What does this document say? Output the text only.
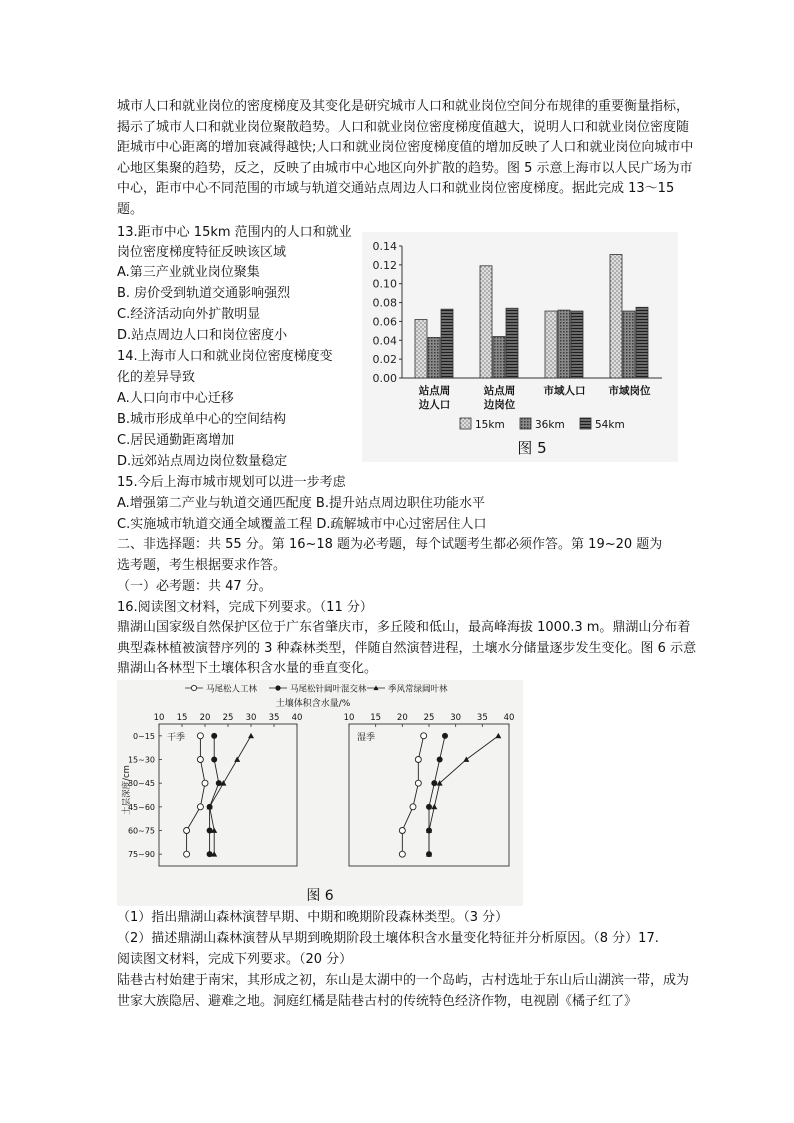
城市人口和就业岗位的密度梯度及其变化是研究城市人口和就业岗位空间分布规律的重要衡量指标，揭示了城市人口和就业岗位聚散趋势。人口和就业岗位密度梯度值越大，说明人口和就业岗位密度随距城市中心距离的增加衰减得越快;人口和就业岗位密度梯度值的增加反映了人口和就业岗位向城市中心地区集聚的趋势，反之，反映了由城市中心地区向外扩散的趋势。图 5 示意上海市以人民广场为市中心，距市中心不同范围的市域与轨道交通站点周边人口和就业岗位密度梯度。据此完成 13～15 题。

13.距市中心 15km 范围内的人口和就业
岗位密度梯度特征反映该区域
A.第三产业就业岗位聚集
B. 房价受到轨道交通影响强烈
C.经济活动向外扩散明显
D.站点周边人口和岗位密度小
14.上海市人口和就业岗位密度梯度变
化的差异导致
A.人口向市中心迁移
B.城市形成单中心的空间结构
C.居民通勤距离增加
D.远郊站点周边岗位数量稳定
15.今后上海市城市规划可以进一步考虑
A.增强第二产业与轨道交通匹配度 B.提升站点周边职住功能水平
C.实施城市轨道交通全域覆盖工程 D.疏解城市中心过密居住人口
二、非选择题：共 55 分。第 16~18 题为必考题，每个试题考生都必须作答。第 19~20 题为
选考题，考生根据要求作答。
（一）必考题：共 47 分。
16.阅读图文材料，完成下列要求。（11 分）

鼎湖山国家级自然保护区位于广东省肇庆市，多丘陵和低山，最高峰海拔 1000.3 m。鼎湖山分布着典型森林植被演替序列的 3 种森林类型，伴随自然演替进程，土壤水分储量逐步发生变化。图 6 示意鼎湖山各林型下土壤体积含水量的垂直变化。

（1）指出鼎湖山森林演替早期、中期和晚期阶段森林类型。（3 分）
（2）描述鼎湖山森林演替从早期到晚期阶段土壤体积含水量变化特征并分析原因。（8 分）17.
阅读图文材料，完成下列要求。（20 分）

陆巷古村始建于南宋，其形成之初，东山是太湖中的一个岛屿，古村选址于东山后山湖滨一带，成为世家大族隐居、避难之地。洞庭红橘是陆巷古村的传统特色经济作物，电视剧《橘子红了》

图 5
0.00
0.02
0.04
0.06
0.08
0.10
0.12
0.14
站点周
边人口
站点周
边岗位
市域人口 市域岗位
15km	36km	54km
图 6
马尾松人工林	马尾松针阔叶混交林	季风常绿阔叶林
土壤体积含水量/%
土层深度/cm
10 15 20 25 30 35 40
0~15
15~30
30~45
45~60
60~75
75~90
干季
10 15 20 25 30 35 40
湿季
